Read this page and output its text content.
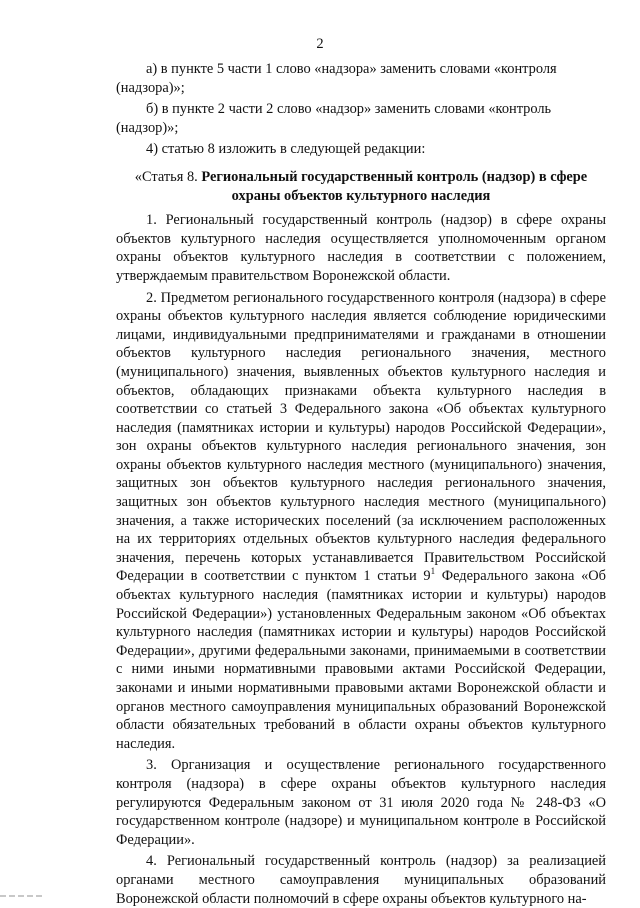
2

а) в пункте 5 части 1 слово «надзора» заменить словами «контроля

(надзора)»;

б) в пункте 2 части 2 слово «надзор» заменить словами «контроль

(надзор)»;

4) статью 8 изложить в следующей редакции:

«Статья 8. Региональный государственный контроль (надзор) в сфере охраны объектов культурного наследия

1. Региональный государственный контроль (надзор) в сфере охраны объектов культурного наследия осуществляется уполномоченным органом охраны объектов культурного наследия в соответствии с положением, утверждаемым правительством Воронежской области.

2. Предметом регионального государственного контроля (надзора) в сфере охраны объектов культурного наследия является соблюдение юридическими лицами, индивидуальными предпринимателями и гражданами в отношении объектов культурного наследия регионального значения, местного (муниципального) значения, выявленных объектов культурного наследия и объектов, обладающих признаками объекта культурного наследия в соответствии со статьей 3 Федерального закона «Об объектах культурного наследия (памятниках истории и культуры) народов Российской Федерации», зон охраны объектов культурного наследия регионального значения, зон охраны объектов культурного наследия местного (муниципального) значения, защитных зон объектов культурного наследия регионального значения, защитных зон объектов культурного наследия местного (муниципального) значения, а также исторических поселений (за исключением расположенных на их территориях отдельных объектов культурного наследия федерального значения, перечень которых устанавливается Правительством Российской Федерации в соответствии с пунктом 1 статьи $9^1$ Федерального закона «Об объектах культурного наследия (памятниках истории и культуры) народов Российской Федерации») установленных Федеральным законом «Об объектах культурного наследия (памятниках истории и культуры) народов Российской Федерации», другими федеральными законами, принимаемыми в соответствии с ними иными нормативными правовыми актами Российской Федерации, законами и иными нормативными правовыми актами Воронежской области и органов местного самоуправления муниципальных образований Воронежской области обязательных требований в области охраны объектов культурного наследия.

3. Организация и осуществление регионального государственного контроля (надзора) в сфере охраны объектов культурного наследия регулируются Федеральным законом от 31 июля 2020 года № 248-ФЗ «О государственном контроле (надзоре) и муниципальном контроле в Российской Федерации».

4. Региональный государственный контроль (надзор) за реализацией органами местного самоуправления муниципальных образований Воронежской области полномочий в сфере охраны объектов культурного на-
